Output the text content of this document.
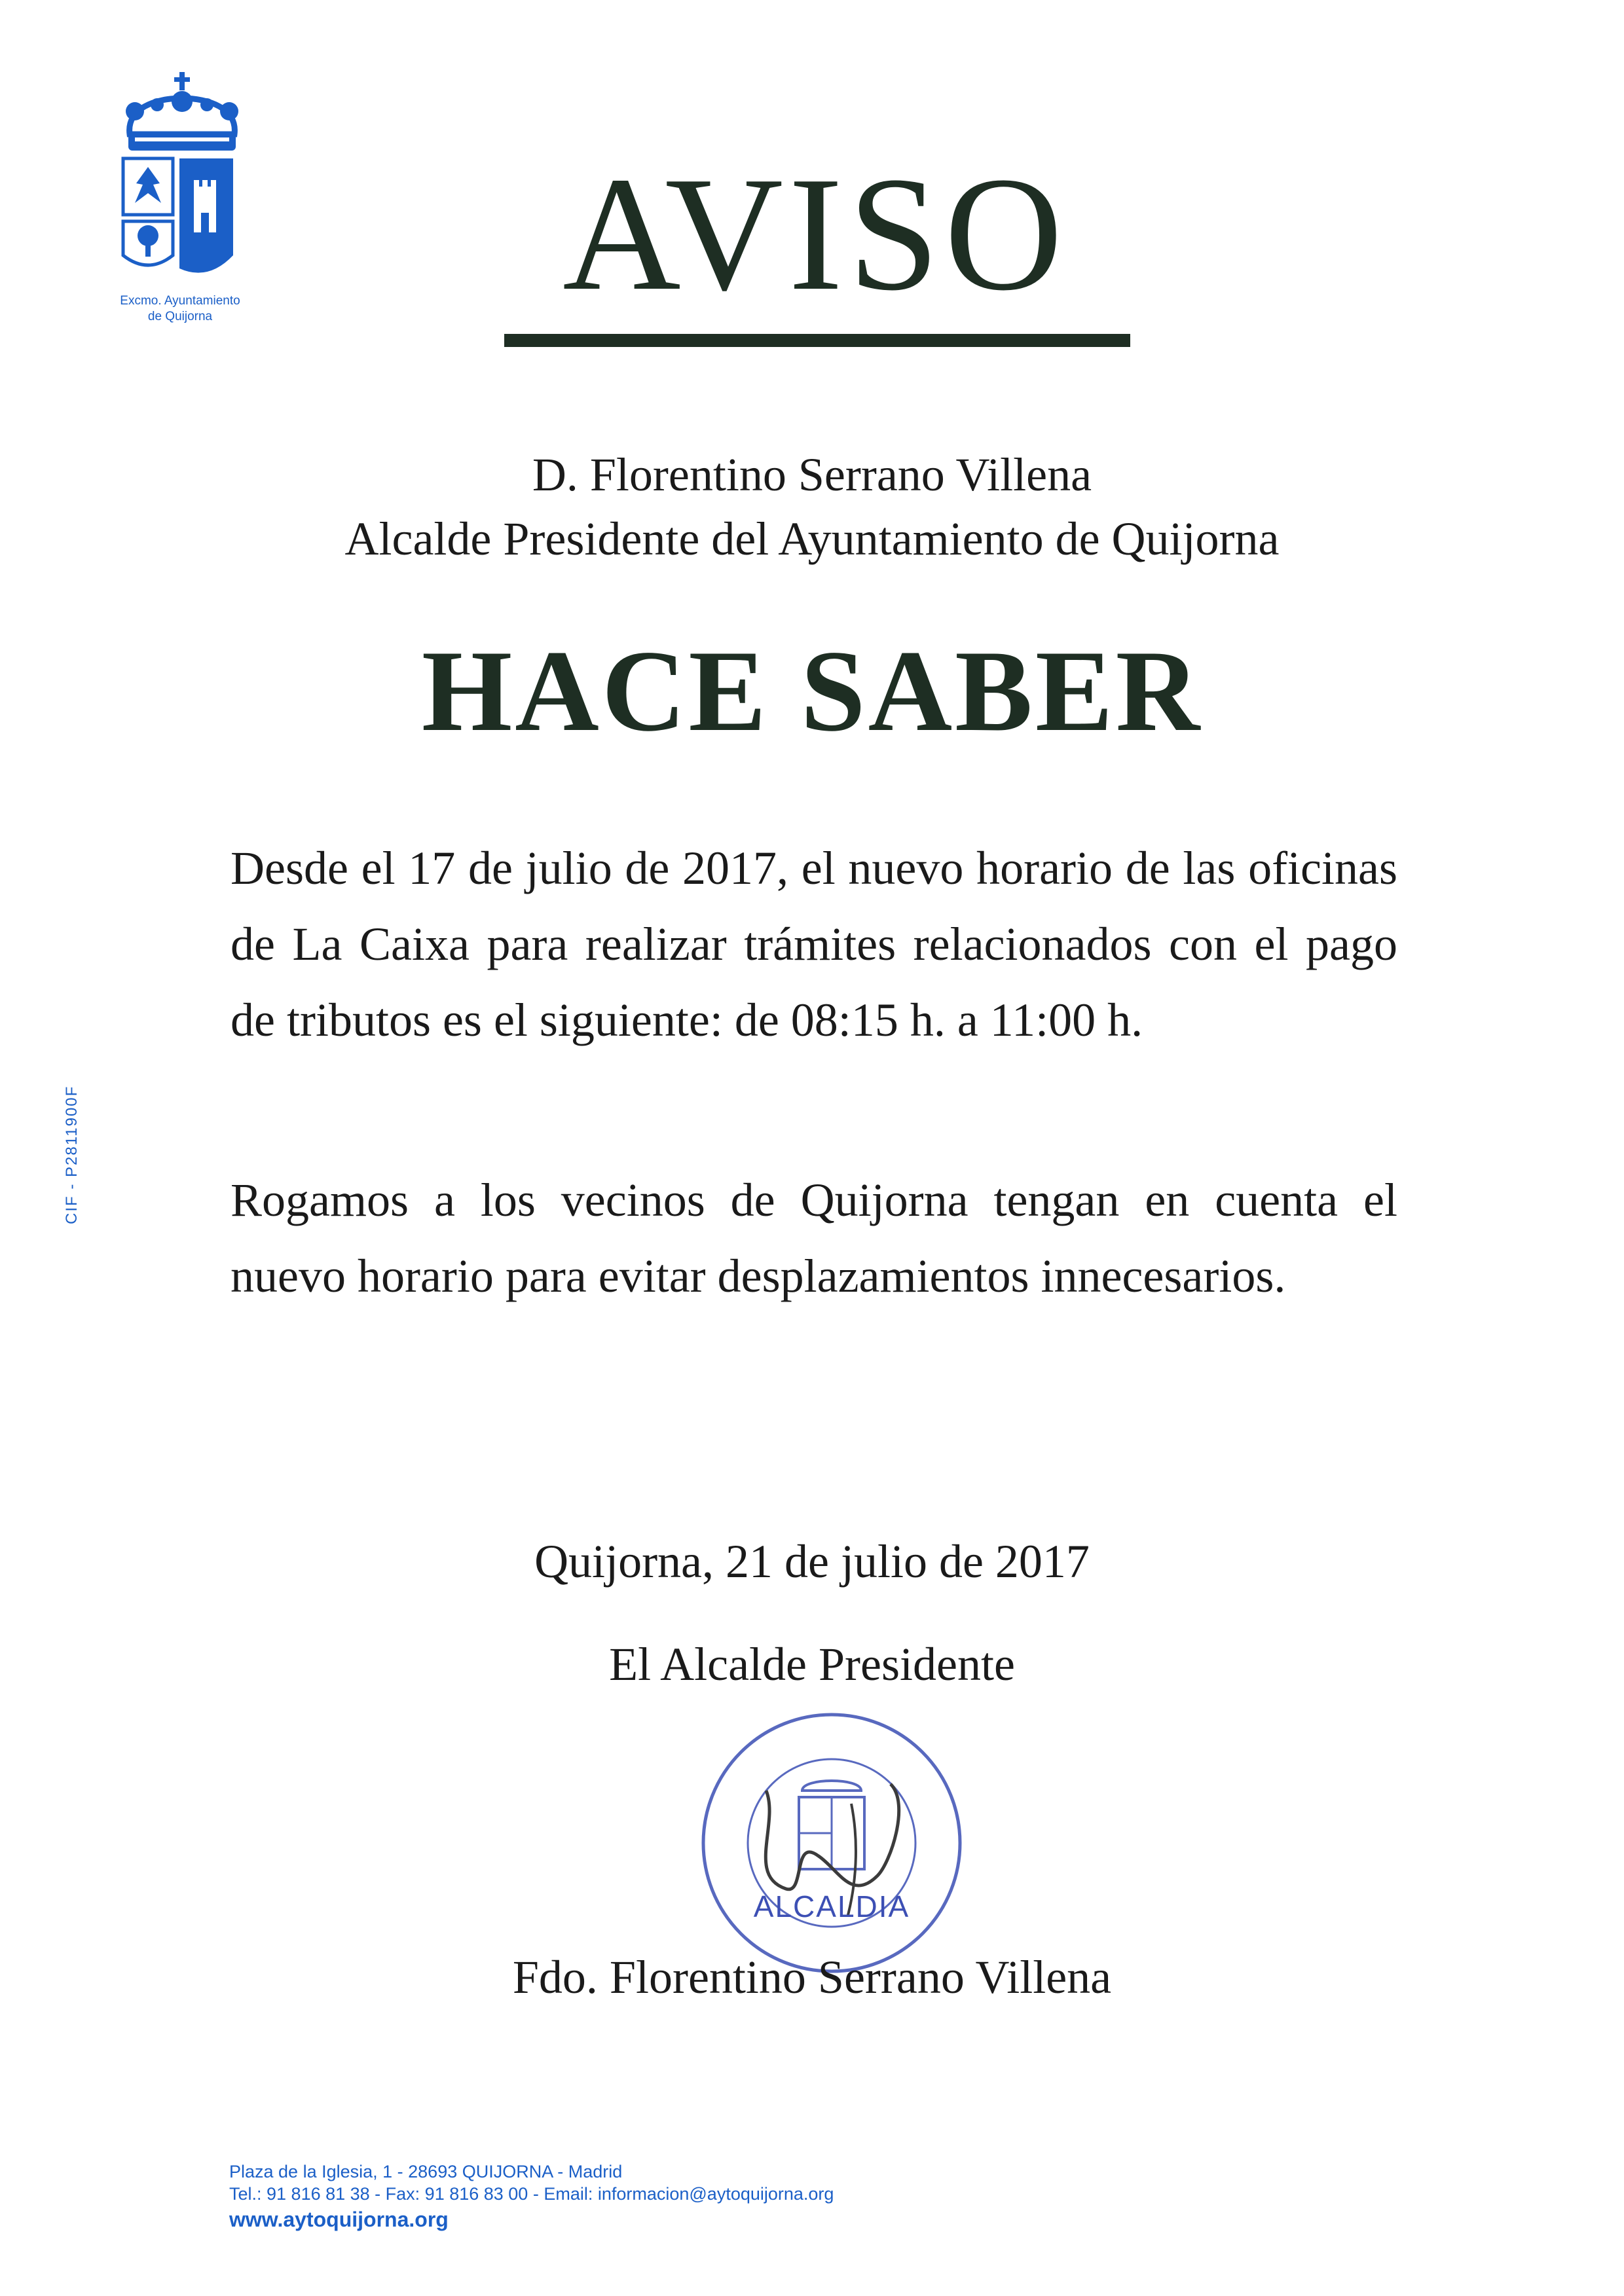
Excmo. Ayuntamiento
de Quijorna
CIF - P2811900F
AVISO
D. Florentino Serrano Villena
Alcalde Presidente del Ayuntamiento de Quijorna
HACE SABER
Desde el 17 de julio de 2017, el nuevo horario de las oficinas de La Caixa para realizar trámites relacionados con el pago de tributos es el siguiente: de 08:15 h. a 11:00 h.
Rogamos a los vecinos de Quijorna tengan en cuenta el nuevo horario para evitar desplazamientos innecesarios.
Quijorna, 21 de julio de 2017
El Alcalde Presidente
ALCALDIA
Fdo. Florentino Serrano Villena
Plaza de la Iglesia, 1 - 28693 QUIJORNA - Madrid
Tel.: 91 816 81 38 - Fax: 91 816 83 00 - Email: informacion@aytoquijorna.org
www.aytoquijorna.org
